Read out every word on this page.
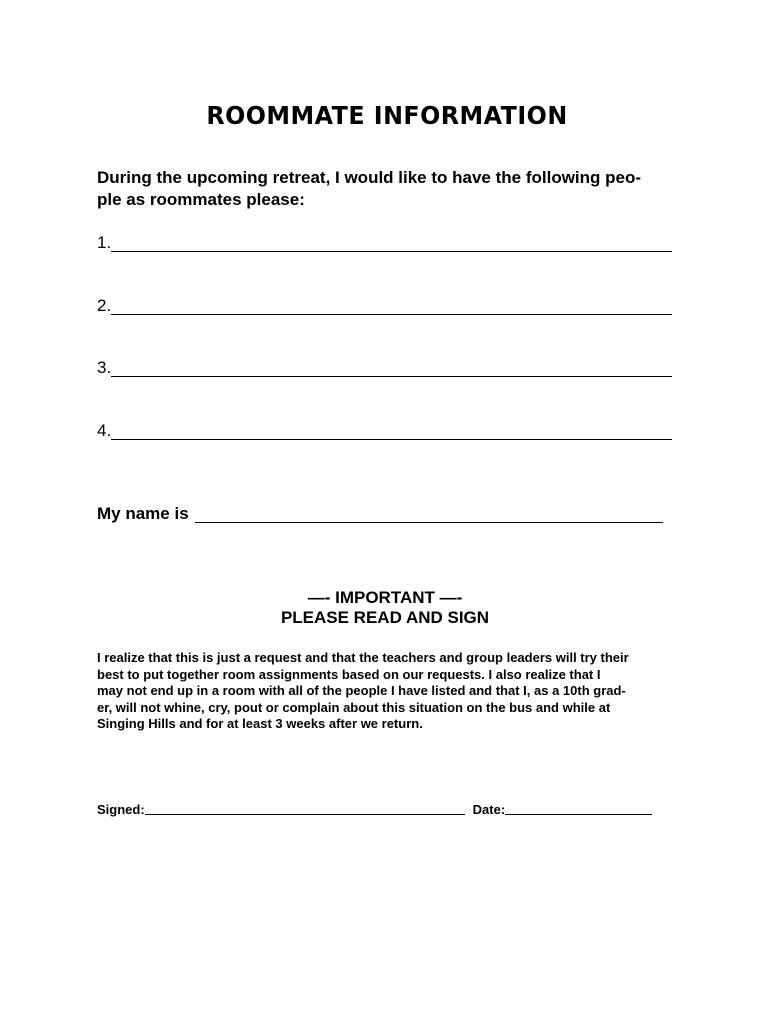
ROOMMATE INFORMATION
During the upcoming retreat, I would like to have the following peo-
ple as roommates please:
1.
2.
3.
4.
My name is
—- IMPORTANT —-
PLEASE READ AND SIGN
I realize that this is just a request and that the teachers and group leaders will try their
best to put together room assignments based on our requests. I also realize that I
may not end up in a room with all of the people I have listed and that I, as a 10th grad-
er, will not whine, cry, pout or complain about this situation on the bus and while at
Singing Hills and for at least 3 weeks after we return.
Signed:	Date:
